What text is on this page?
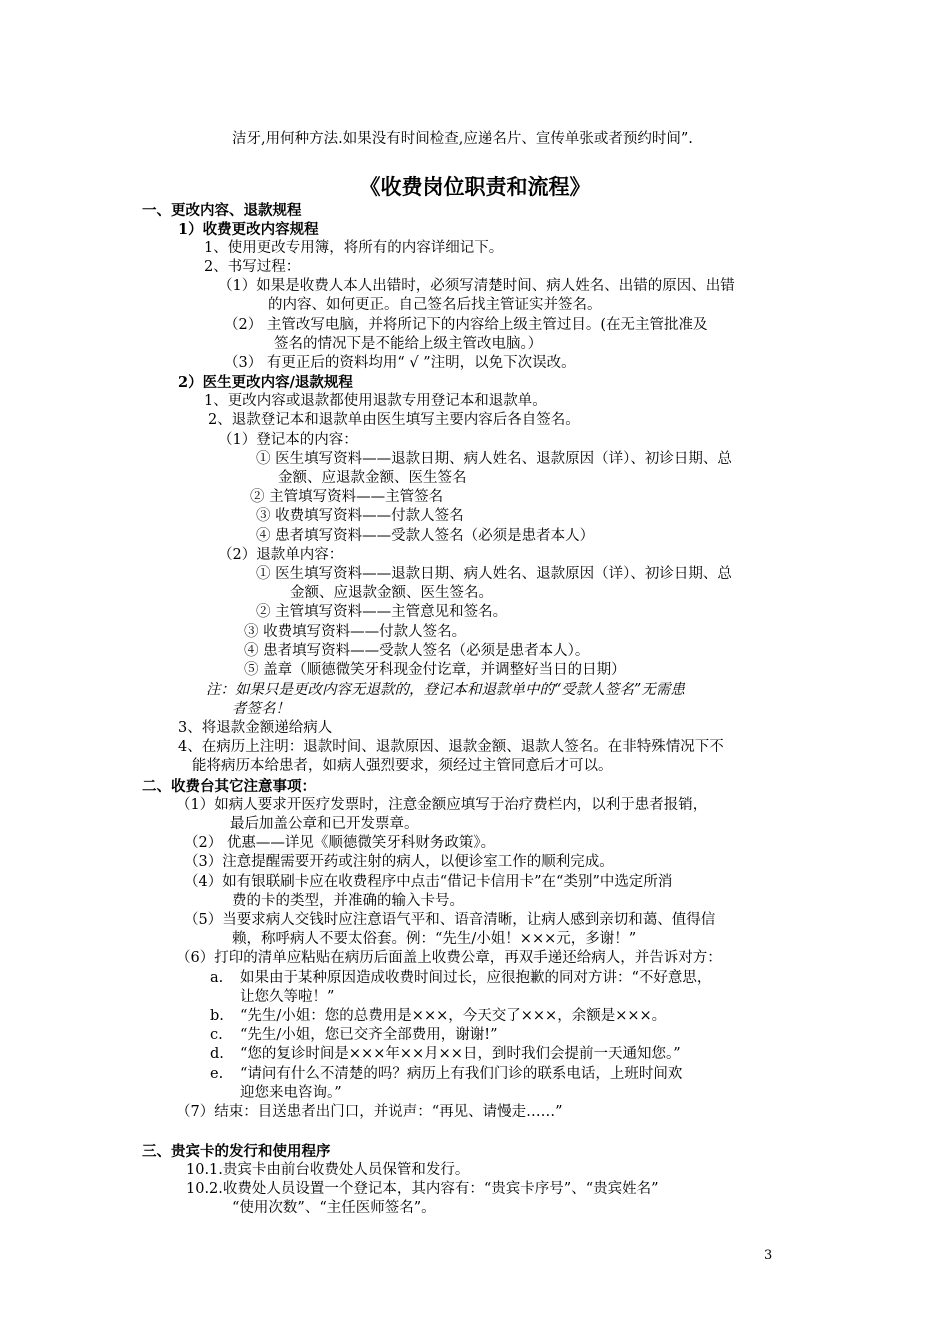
洁牙,用何种方法.如果没有时间检查,应递名片、宣传单张或者预约时间”.
《收费岗位职责和流程》
一、更改内容、退款规程
1）收费更改内容规程
1、使用更改专用簿，将所有的内容详细记下。
2、书写过程：
（1）如果是收费人本人出错时，必须写清楚时间、病人姓名、出错的原因、出错
的内容、如何更正。自己签名后找主管证实并签名。
（2） 主管改写电脑，并将所记下的内容给上级主管过目。(在无主管批准及
签名的情况下是不能给上级主管改电脑。）
（3） 有更正后的资料均用“ √ ”注明，以免下次误改。
2）医生更改内容/退款规程
1、更改内容或退款都使用退款专用登记本和退款单。
2、退款登记本和退款单由医生填写主要内容后各自签名。
（1）登记本的内容：
① 医生填写资料——退款日期、病人姓名、退款原因（详）、初诊日期、总
金额、应退款金额、医生签名
② 主管填写资料——主管签名
③ 收费填写资料——付款人签名
④ 患者填写资料——受款人签名（必须是患者本人）
（2）退款单内容：
① 医生填写资料——退款日期、病人姓名、退款原因（详）、初诊日期、总
金额、应退款金额、医生签名。
② 主管填写资料——主管意见和签名。
③ 收费填写资料——付款人签名。
④ 患者填写资料——受款人签名（必须是患者本人）。
⑤ 盖章（顺德微笑牙科现金付讫章，并调整好当日的日期）
注：如果只是更改内容无退款的，登记本和退款单中的“受款人签名”无需患
者签名！
3、将退款金额递给病人
4、在病历上注明：退款时间、退款原因、退款金额、退款人签名。在非特殊情况下不
能将病历本给患者，如病人强烈要求，须经过主管同意后才可以。
二、收费台其它注意事项：
（1）如病人要求开医疗发票时，注意金额应填写于治疗费栏内，以利于患者报销，
最后加盖公章和已开发票章。
（2） 优惠——详见《顺德微笑牙科财务政策》。
（3）注意提醒需要开药或注射的病人，以便诊室工作的顺利完成。
（4）如有银联刷卡应在收费程序中点击“借记卡信用卡”在“类别”中选定所消
费的卡的类型，并准确的输入卡号。
（5）当要求病人交钱时应注意语气平和、语音清晰，让病人感到亲切和蔼、值得信
赖，称呼病人不要太俗套。例：“先生/小姐！×××元，多谢！”
（6）打印的清单应粘贴在病历后面盖上收费公章，再双手递还给病人，并告诉对方：
a. 如果由于某种原因造成收费时间过长，应很抱歉的同对方讲：“不好意思，
让您久等啦！”
b. “先生/小姐：您的总费用是×××，今天交了×××，余额是×××。
c. “先生/小姐，您已交齐全部费用，谢谢!”
d. “您的复诊时间是×××年××月××日，到时我们会提前一天通知您。”
e. “请问有什么不清楚的吗？病历上有我们门诊的联系电话，上班时间欢
迎您来电咨询。”
（7）结束：目送患者出门口，并说声：“再见、请慢走……”
三、贵宾卡的发行和使用程序
10.1.贵宾卡由前台收费处人员保管和发行。
10.2.收费处人员设置一个登记本，其内容有：“贵宾卡序号”、“贵宾姓名”
“使用次数”、“主任医师签名”。
3
